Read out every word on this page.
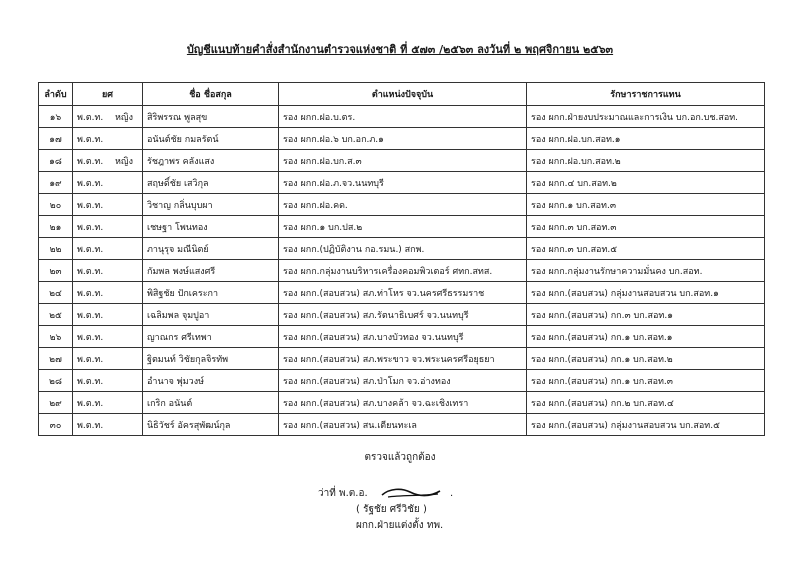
บัญชีแนบท้ายคำสั่งสำนักงานตำรวจแห่งชาติ ที่ ๕๗๓ /๒๕๖๓ ลงวันที่ ๒ พฤศจิกายน ๒๕๖๓
ลำดับ	ยศ	ชื่อ ชื่อสกุล	ตำแหน่งปัจจุบัน	รักษาราชการแทน
๑๖	พ.ต.ท. หญิง	สิริพรรณ พูลสุข	รอง ผกก.ฝอ.บ.ตร.	รอง ผกก.ฝ่ายงบประมาณและการเงิน บก.อก.บช.สอท.
๑๗	พ.ต.ท.	อนันต์ชัย กมลรัตน์	รอง ผกก.ฝอ.๖ บก.อก.ภ.๑	รอง ผกก.ฝอ.บก.สอท.๑
๑๘	พ.ต.ท. หญิง	รัชฎาพร คลังแสง	รอง ผกก.ฝอ.บก.ส.๓	รอง ผกก.ฝอ.บก.สอท.๒
๑๙	พ.ต.ท.	สฤษดิ์ชัย เสวิกุล	รอง ผกก.ฝอ.ภ.จว.นนทบุรี	รอง ผกก.๔ บก.สอท.๒
๒๐	พ.ต.ท.	วิชาญ กลิ่นบุบผา	รอง ผกก.ฝอ.คด.	รอง ผกก.๑ บก.สอท.๓
๒๑	พ.ต.ท.	เชษฐา โพนทอง	รอง ผกก.๑ บก.ปส.๒	รอง ผกก.๓ บก.สอท.๓
๒๒	พ.ต.ท.	ภานุรุจ มณีนิตย์	รอง ผกก.(ปฏิบัติงาน กอ.รมน.) สกพ.	รอง ผกก.๓ บก.สอท.๕
๒๓	พ.ต.ท.	กัมพล พงษ์แสงศรี	รอง ผกก.กลุ่มงานบริหารเครื่องคอมพิวเตอร์ ศทก.สทส.	รอง ผกก.กลุ่มงานรักษาความมั่นคง บก.สอท.
๒๔	พ.ต.ท.	พิสิฐชัย ปักเคระกา	รอง ผกก.(สอบสวน) สภ.ท่าโหร จว.นครศรีธรรมราช	รอง ผกก.(สอบสวน) กลุ่มงานสอบสวน บก.สอท.๑
๒๕	พ.ต.ท.	เฉลิมพล จุมปูอา	รอง ผกก.(สอบสวน) สภ.รัตนาธิเบศร์ จว.นนทบุรี	รอง ผกก.(สอบสวน) กก.๓ บก.สอท.๑
๒๖	พ.ต.ท.	ญาณกร ศรีเทพา	รอง ผกก.(สอบสวน) สภ.บางบัวทอง จว.นนทบุรี	รอง ผกก.(สอบสวน) กก.๑ บก.สอท.๑
๒๗	พ.ต.ท.	ฐิตมนท์ วิชัยกุลจิรทัพ	รอง ผกก.(สอบสวน) สภ.พระขาว จว.พระนครศรีอยุธยา	รอง ผกก.(สอบสวน) กก.๑ บก.สอท.๒
๒๘	พ.ต.ท.	อำนาจ พุ่มวงษ์	รอง ผกก.(สอบสวน) สภ.ป่าโมก จว.อ่างทอง	รอง ผกก.(สอบสวน) กก.๑ บก.สอท.๓
๒๙	พ.ต.ท.	เกริก อนันต์	รอง ผกก.(สอบสวน) สภ.บางคล้า จว.ฉะเชิงเทรา	รอง ผกก.(สอบสวน) กก.๒ บก.สอท.๔
๓๐	พ.ต.ท.	นิธิวัชร์ อัครสุพัฒน์กุล	รอง ผกก.(สอบสวน) สน.เตียนทะเล	รอง ผกก.(สอบสวน) กลุ่มงานสอบสวน บก.สอท.๕
ตรวจแล้วถูกต้อง
ว่าที่ พ.ต.อ.	.
( รัฐชัย ศรีวิชัย )
ผกก.ฝ่ายแต่งตั้ง ทพ.
